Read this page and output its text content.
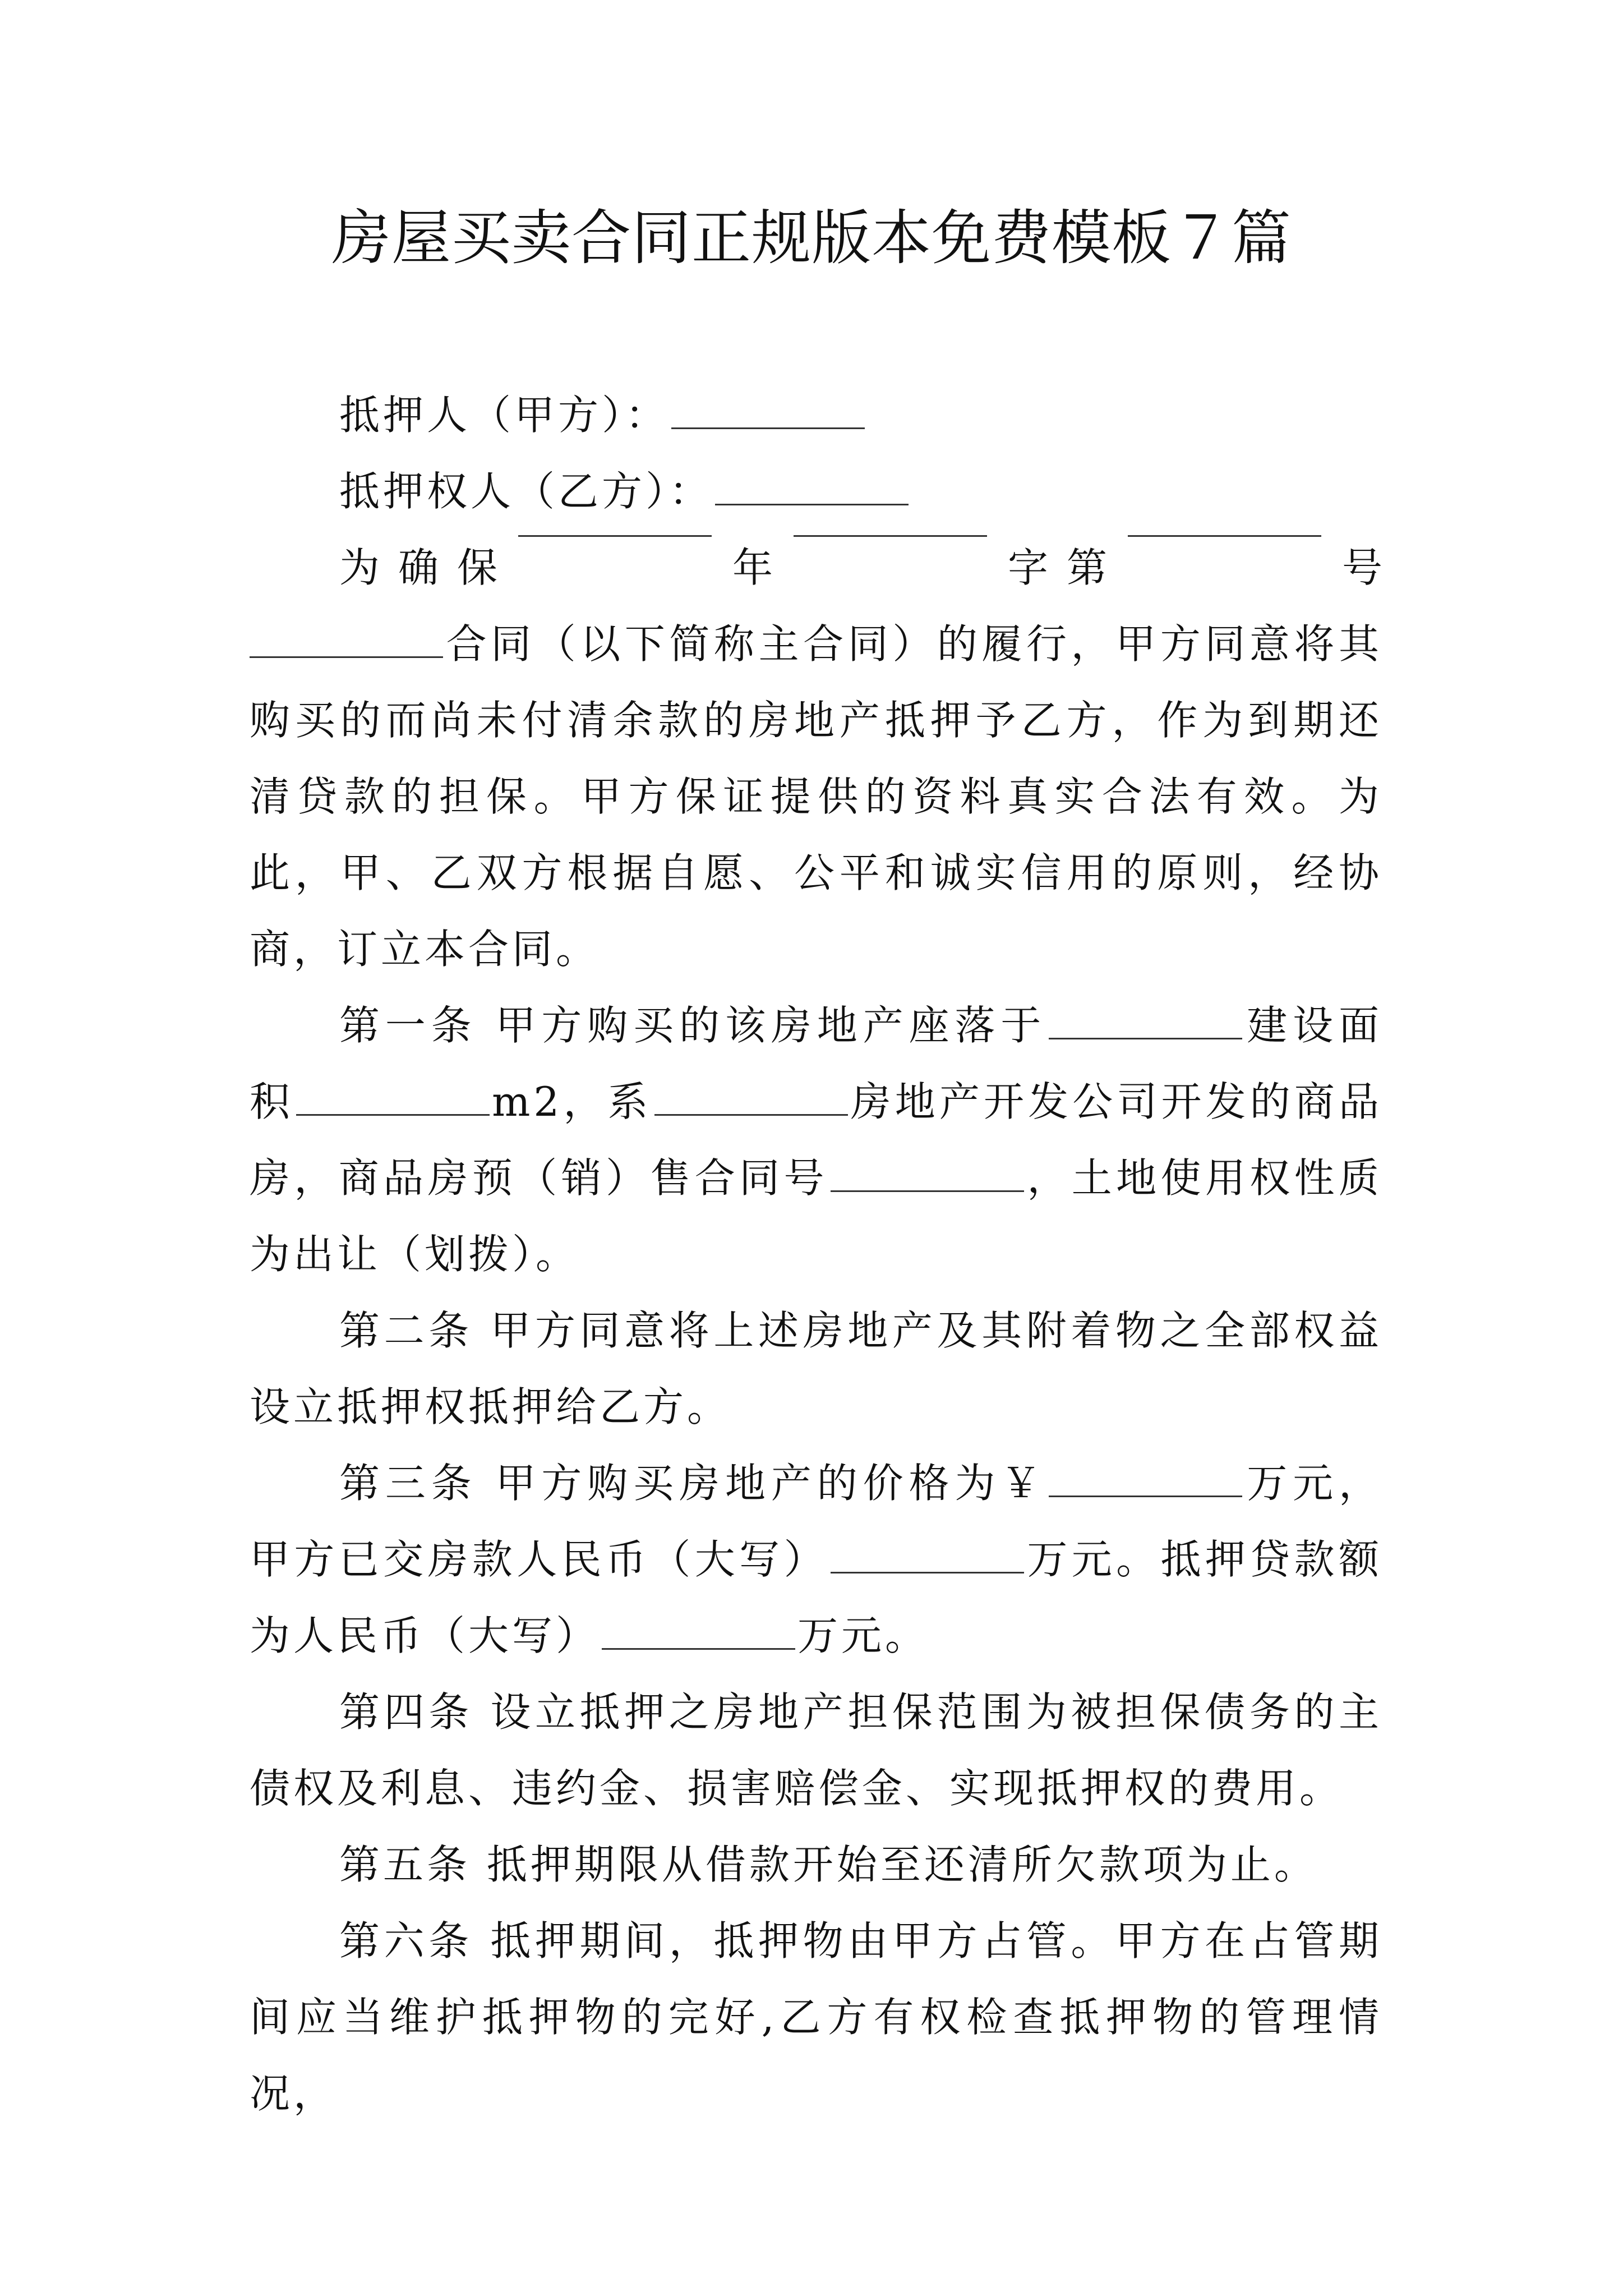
房屋买卖合同正规版本免费模板７篇

抵押人（甲方）：

抵押权人（乙方）：

为 确 保	年	字 第	号

合同（以下简称主合同）的履行，甲方同意将其购买的而尚未付清余款的房地产抵押予乙方，作为到期还清贷款的担保。甲方保证提供的资料真实合法有效。为此，甲、乙双方根据自愿、公平和诚实信用的原则，经协商，订立本合同。

第一条 甲方购买的该房地产座落于	建设面积	m2，系	房地产开发公司开发的商品房，商品房预（销）售合同号	，土地使用权性质为出让（划拨）。

第二条 甲方同意将上述房地产及其附着物之全部权益设立抵押权抵押给乙方。

第三条 甲方购买房地产的价格为￥	万元，甲方已交房款人民币（大写）	万元。抵押贷款额为人民币（大写）	万元。

第四条 设立抵押之房地产担保范围为被担保债务的主债权及利息、违约金、损害赔偿金、实现抵押权的费用。

第五条 抵押期限从借款开始至还清所欠款项为止。

第六条 抵押期间，抵押物由甲方占管。甲方在占管期间应当维护抵押物的完好,乙方有权检查抵押物的管理情况，
